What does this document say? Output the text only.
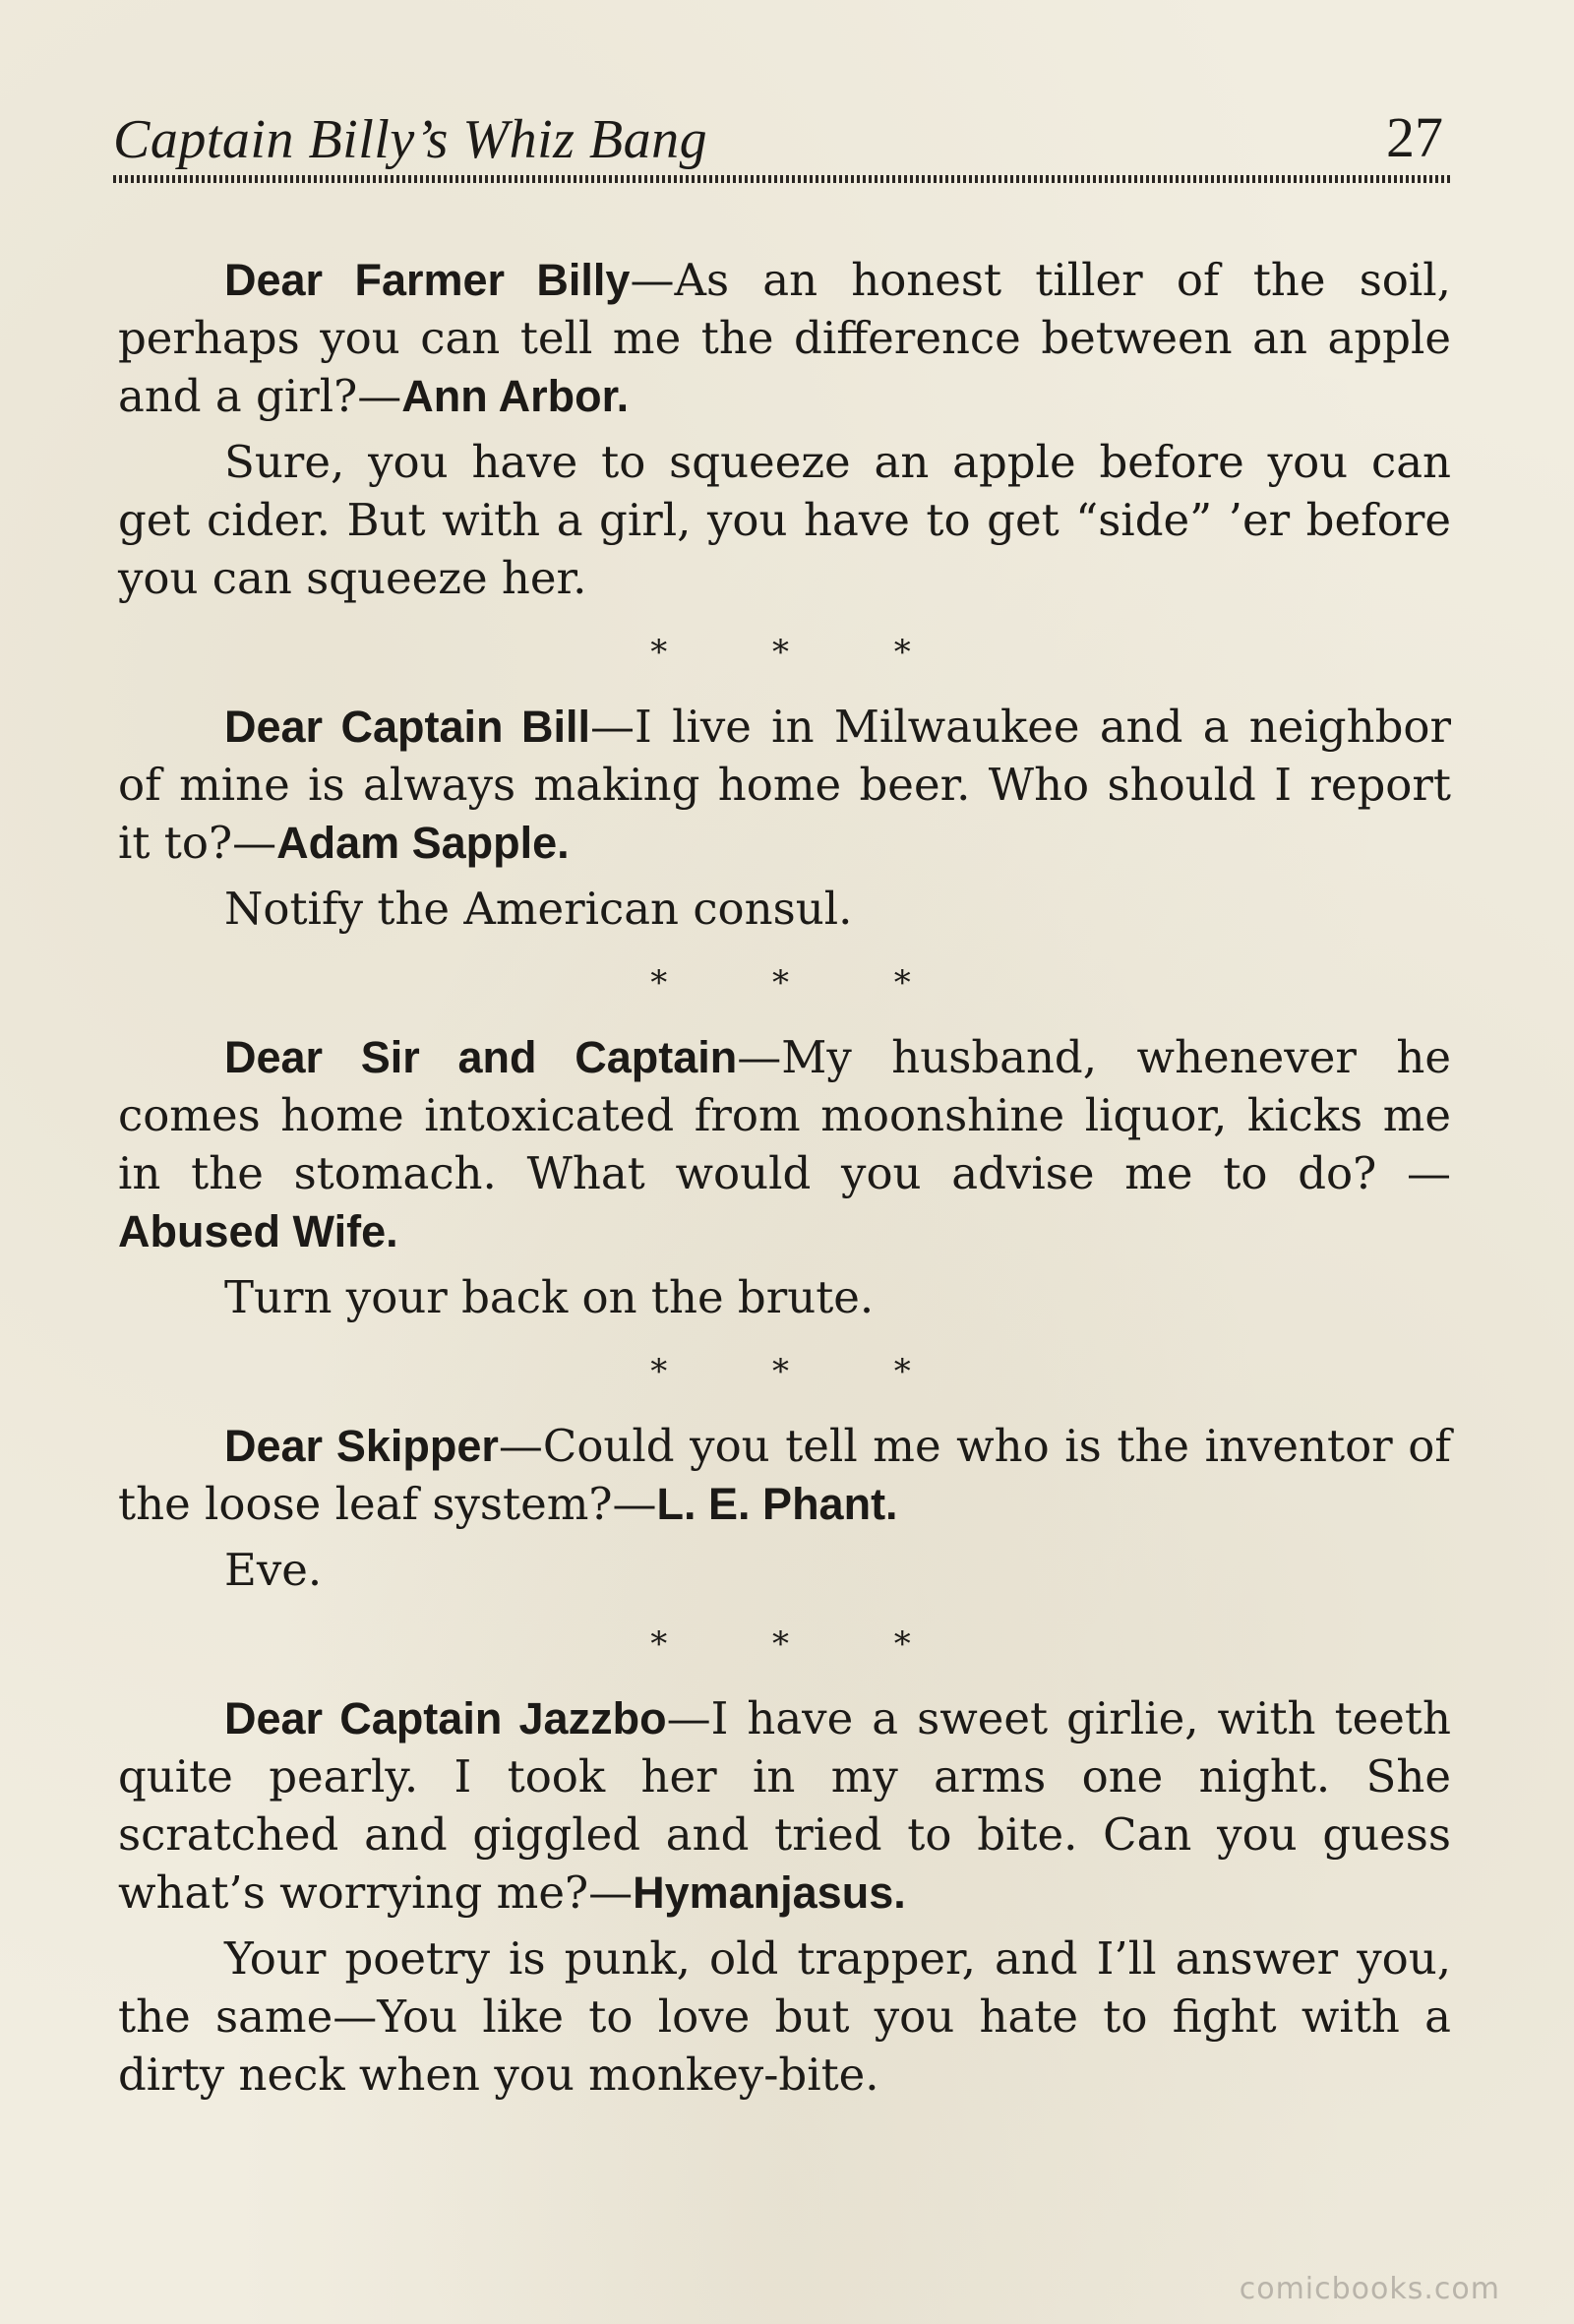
Captain Billy’s Whiz Bang	27

Dear Farmer Billy—As an honest tiller of the soil, perhaps you can tell me the difference between an apple and a girl?—Ann Arbor.

Sure, you have to squeeze an apple before you can get cider. But with a girl, you have to get “side” ’er before you can squeeze her.

* * *

Dear Captain Bill—I live in Milwaukee and a neighbor of mine is always making home beer. Who should I report it to?—Adam Sapple.

Notify the American consul.

* * *

Dear Sir and Captain—My husband, whenever he comes home intoxicated from moonshine liquor, kicks me in the stomach. What would you advise me to do? —Abused Wife.

Turn your back on the brute.

* * *

Dear Skipper—Could you tell me who is the inventor of the loose leaf system?—L. E. Phant.

Eve.

* * *

Dear Captain Jazzbo—I have a sweet girlie, with teeth quite pearly. I took her in my arms one night. She scratched and giggled and tried to bite. Can you guess what’s worrying me?—Hymanjasus.

Your poetry is punk, old trapper, and I’ll answer you, the same—You like to love but you hate to fight with a dirty neck when you monkey-bite.

comicbooks.com
